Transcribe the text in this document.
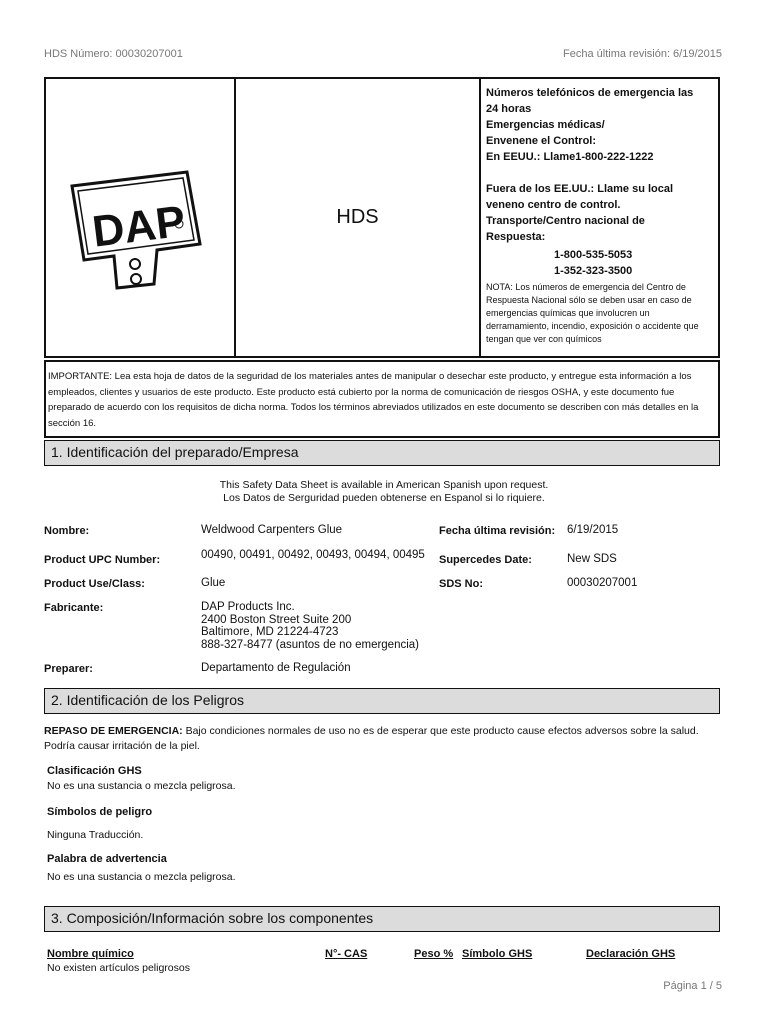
HDS Número: 00030207001	Fecha última revisión: 6/19/2015
DAP	HDS
Números telefónicos de emergencia las
24 horas
Emergencias médicas/
Envenene el Control:
En EEUU.: Llame1-800-222-1222
Fuera de los EE.UU.: Llame su local
veneno centro de control.
Transporte/Centro nacional de
Respuesta:
1-800-535-5053
1-352-323-3500
NOTA: Los números de emergencia del Centro de Respuesta Nacional sólo se deben usar en caso de emergencias químicas que involucren un derramamiento, incendio, exposición o accidente que tengan que ver con químicos
IMPORTANTE: Lea esta hoja de datos de la seguridad de los materiales antes de manipular o desechar este producto, y entregue esta información a los empleados, clientes y usuarios de este producto. Este producto está cubierto por la norma de comunicación de riesgos OSHA, y este documento fue preparado de acuerdo con los requisitos de dicha norma. Todos los términos abreviados utilizados en este documento se describen con más detalles en la sección 16.
1. Identificación del preparado/Empresa
This Safety Data Sheet is available in American Spanish upon request.
Los Datos de Serguridad pueden obtenerse en Espanol si lo riquiere.
Nombre:	Weldwood Carpenters Glue	Fecha última revisión: 6/19/2015
Product UPC Number:	00490, 00491, 00492, 00493, 00494, 00495 Supercedes Date:	New SDS
Product Use/Class:	Glue	SDS No:	00030207001
Fabricante:	DAP Products Inc.
2400 Boston Street Suite 200
Baltimore, MD 21224-4723
888-327-8477 (asuntos de no emergencia)
Preparer:	Departamento de Regulación
2. Identificación de los Peligros
REPASO DE EMERGENCIA: Bajo condiciones normales de uso no es de esperar que este producto cause efectos adversos sobre la salud. Podría causar irritación de la piel.
Clasificación GHS
No es una sustancia o mezcla peligrosa.
Símbolos de peligro
Ninguna Traducción.
Palabra de advertencia
No es una sustancia o mezcla peligrosa.
3. Composición/Información sobre los componentes
Nombre químico	N°- CAS	Peso % Símbolo GHS	Declaración GHS
No existen artículos peligrosos
Página 1 / 5
